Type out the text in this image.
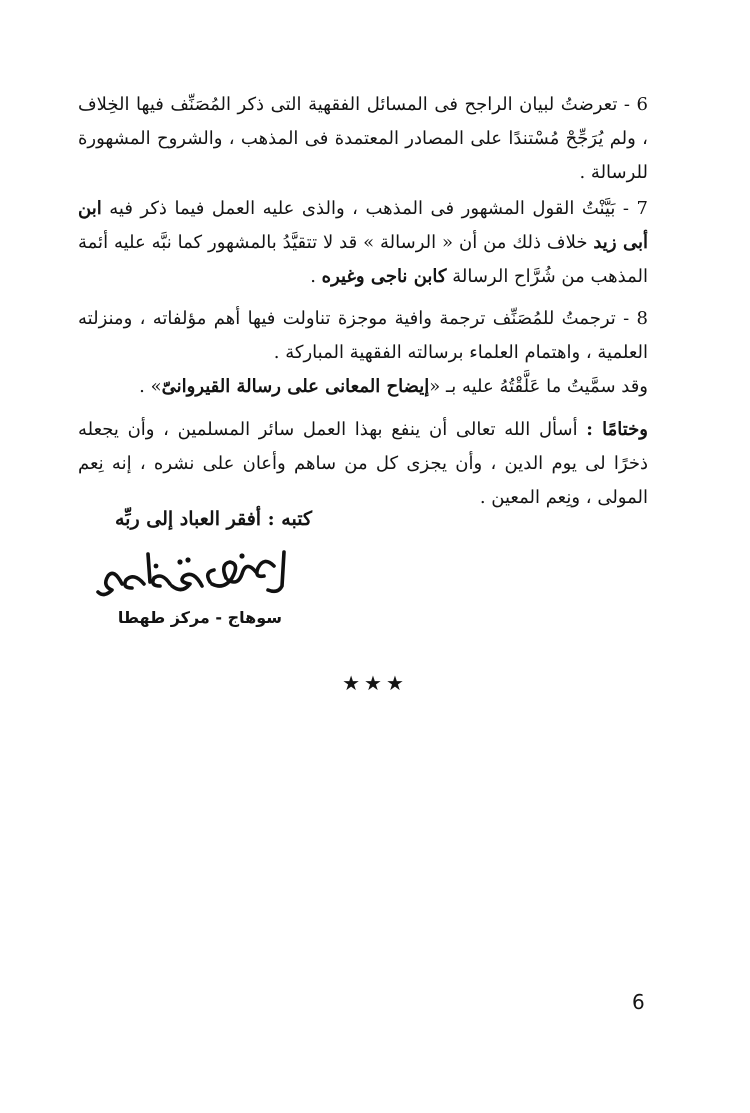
6 - تعرضتُ لبيان الراجح فى المسائل الفقهية التى ذكر المُصَنِّف فيها الخِلاف ، ولم يُرَجِّحْ مُسْتندًا على المصادر المعتمدة فى المذهب ، والشروح المشهورة للرسالة .

7 - بَيَّنْتُ القول المشهور فى المذهب ، والذى عليه العمل فيما ذكر فيه ابن أبى زيد خلاف ذلك من أن « الرسالة » قد لا تتقيَّدُ بالمشهور كما نبَّه عليه أئمة المذهب من شُرَّاح الرسالة كابن ناجى وغيره .

8 - ترجمتُ للمُصَنِّف ترجمة وافية موجزة تناولت فيها أهم مؤلفاته ، ومنزلته العلمية ، واهتمام العلماء برسالته الفقهية المباركة .

وقد سمَّيتُ ما عَلَّقْتُهُ عليه بـ «إيضاح المعانى على رسالة القيروانىّ» .

وختامًا : أسأل الله تعالى أن ينفع بهذا العمل سائر المسلمين ، وأن يجعله ذخرًا لى يوم الدين ، وأن يجزى كل من ساهم وأعان على نشره ، إنه نِعم المولى ، ونِعم المعين .

كتبه : أفقر العباد إلى ربِّه
سوهاج - مركز طهطا
★★★
6
